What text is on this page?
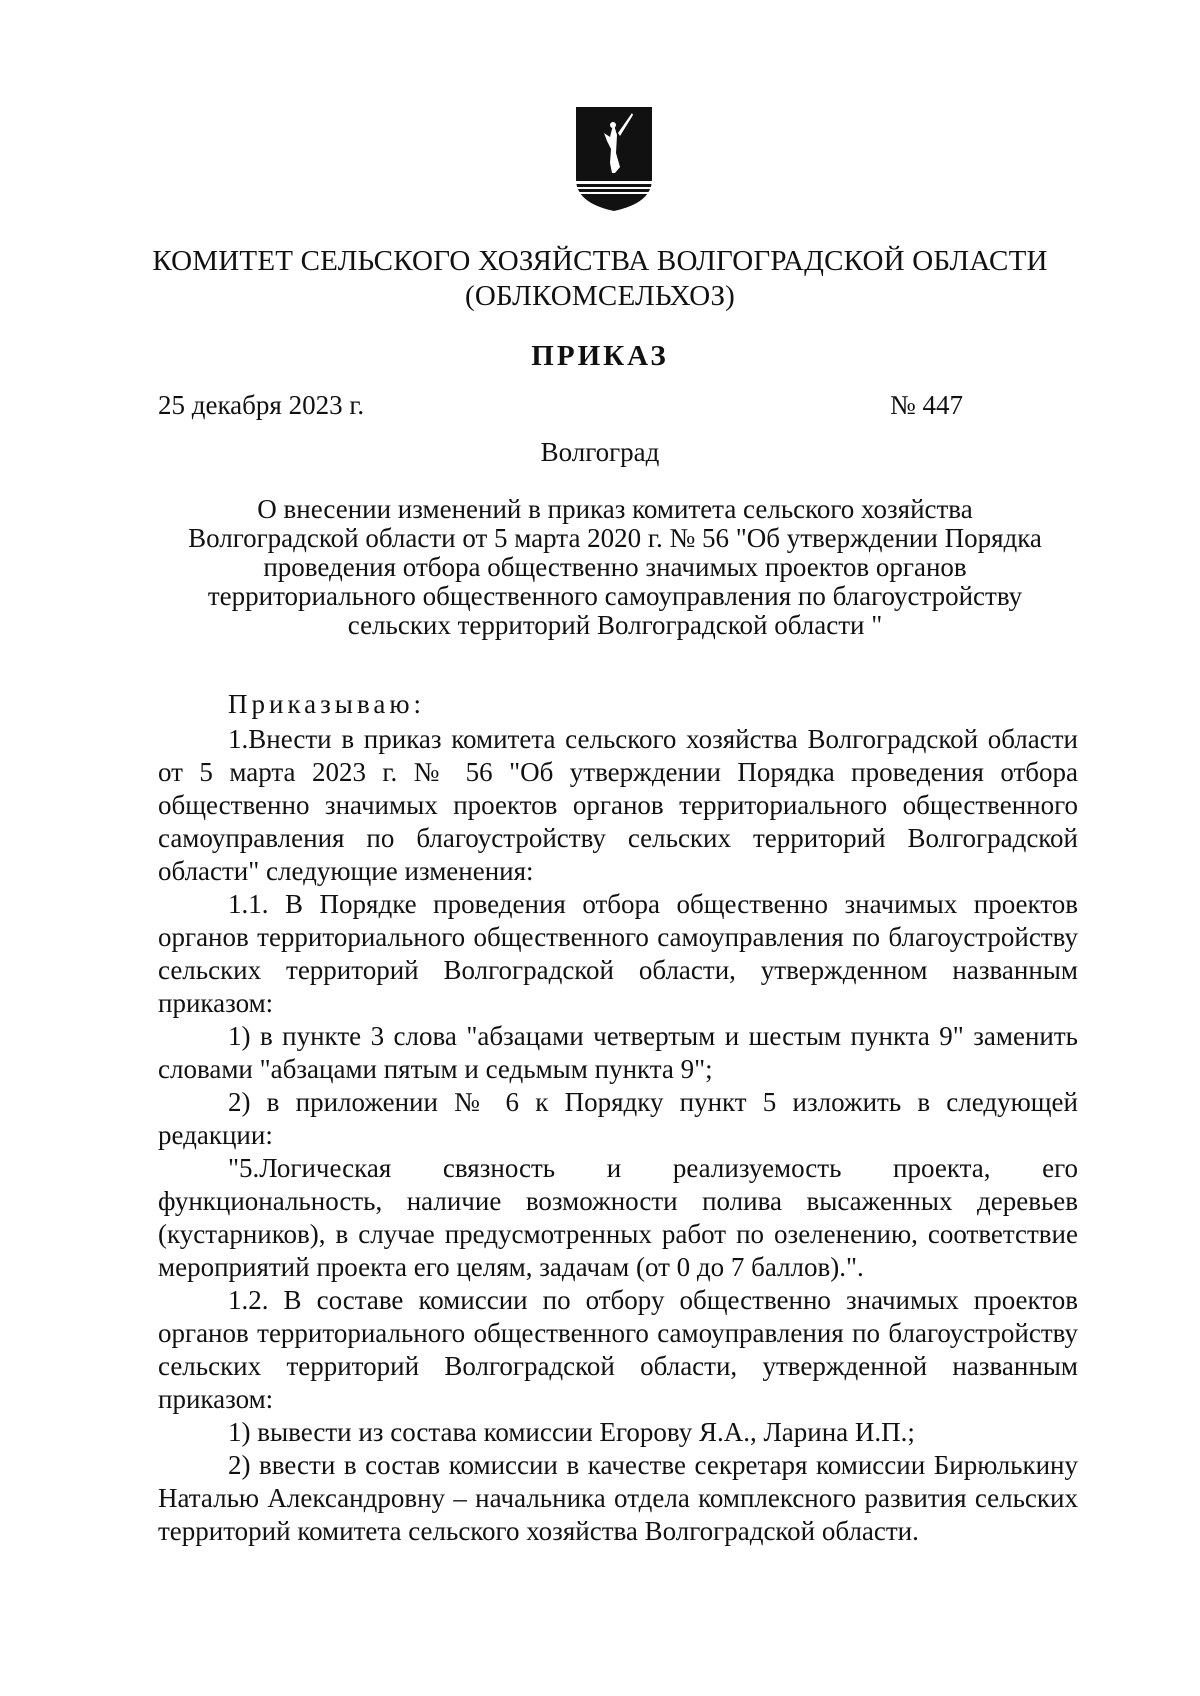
КОМИТЕТ СЕЛЬСКОГО ХОЗЯЙСТВА ВОЛГОГРАДСКОЙ ОБЛАСТИ
(ОБЛКОМСЕЛЬХОЗ)
ПРИКАЗ
25 декабря 2023 г.	№ 447
Волгоград
О внесении изменений в приказ комитета сельского хозяйства
Волгоградской области от 5 марта 2020 г. № 56 "Об утверждении Порядка
проведения отбора общественно значимых проектов органов
территориального общественного самоуправления по благоустройству
сельских территорий Волгоградской области "

Приказываю:

1.Внести в приказ комитета сельского хозяйства Волгоградской области от 5 марта 2023 г. № 56 "Об утверждении Порядка проведения отбора общественно значимых проектов органов территориального общественного самоуправления по благоустройству сельских территорий Волгоградской области" следующие изменения:

1.1. В Порядке проведения отбора общественно значимых проектов органов территориального общественного самоуправления по благоустройству сельских территорий Волгоградской области, утвержденном названным приказом:

1) в пункте 3 слова "абзацами четвертым и шестым пункта 9" заменить словами "абзацами пятым и седьмым пункта 9";

2) в приложении № 6 к Порядку пункт 5 изложить в следующей редакции:

"5.Логическая связность и реализуемость проекта, его функциональность, наличие возможности полива высаженных деревьев (кустарников), в случае предусмотренных работ по озеленению, соответствие мероприятий проекта его целям, задачам (от 0 до 7 баллов).".

1.2. В составе комиссии по отбору общественно значимых проектов органов территориального общественного самоуправления по благоустройству сельских территорий Волгоградской области, утвержденной названным приказом:

1) вывести из состава комиссии Егорову Я.А., Ларина И.П.;

2) ввести в состав комиссии в качестве секретаря комиссии Бирюлькину Наталью Александровну – начальника отдела комплексного развития сельских территорий комитета сельского хозяйства Волгоградской области.
